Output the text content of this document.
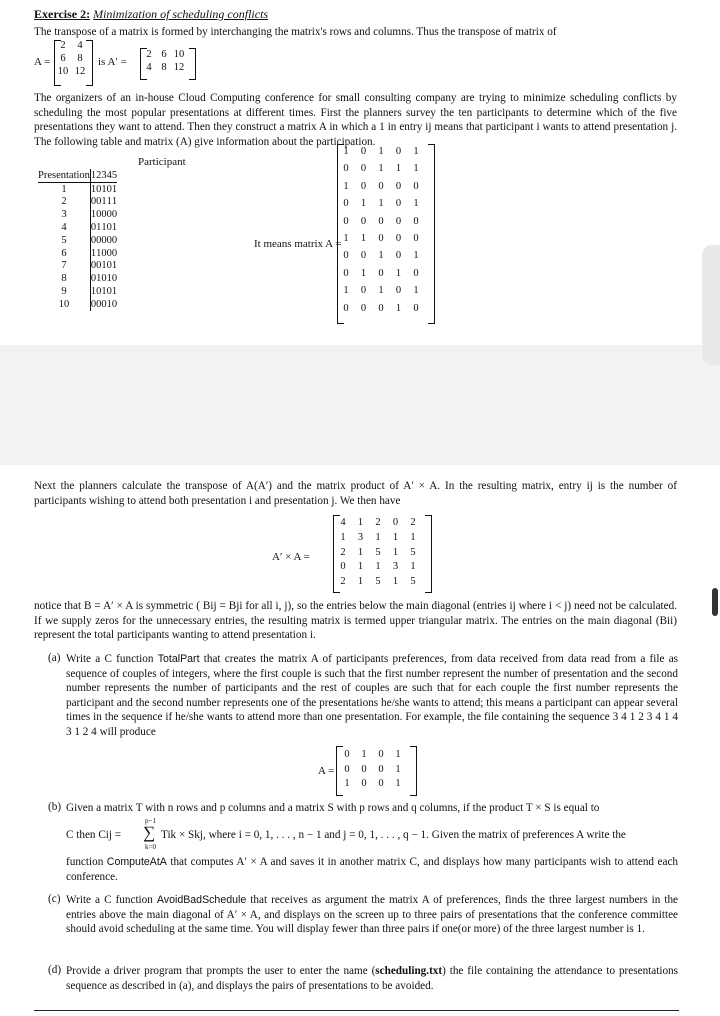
Exercise 2: Minimization of scheduling conflicts
The transpose of a matrix is formed by interchanging the matrix's rows and columns. Thus the transpose of matrix of
A =
2	4
6	8
10 12
is A′ =
2 6 10
4 8 12
The organizers of an in-house Cloud Computing conference for small consulting company are trying to minimize scheduling conflicts by scheduling the most popular presentations at different times. First the planners survey the ten participants to determine which of the five presentations they want to attend. Then they construct a matrix A in which a 1 in entry ij means that participant i wants to attend presentation j. The following table and matrix (A) give information about the participation.
Participant
Presentation	1	2	3	4	5
1	1	0	1	0	1
2	0	0	1	1	1
3	1	0	0	0	0
4	0	1	1	0	1
5	0	0	0	0	0
6	1	1	0	0	0
7	0	0	1	0	1
8	0	1	0	1	0
9	1	0	1	0	1
10	0	0	0	1	0
It means matrix A =
1	0	1	0	1
0	0	1	1	1
1	0	0	0	0
0	1	1	0	1
0	0	0	0	0
1	1	0	0	0
0	0	1	0	1
0	1	0	1	0
1	0	1	0	1
0	0	0	1	0
Next the planners calculate the transpose of A(A′) and the matrix product of A′ × A. In the resulting matrix, entry ij is the number of participants wishing to attend both presentation i and presentation j. We then have
A′ × A =
4	1	2	0	2
1	3	1	1	1
2	1	5	1	5
0	1	1	3	1
2	1	5	1	5
notice that B = A′ × A is symmetric ( Bij = Bji for all i, j), so the entries below the main diagonal (entries ij where i < j) need not be calculated. If we supply zeros for the unnecessary entries, the resulting matrix is termed upper triangular matrix. The entries on the main diagonal (Bii) represent the total participants wanting to attend presentation i.
(a) Write a C function TotalPart that creates the matrix A of participants preferences, from data received from data read from a file as sequence of couples of integers, where the first couple is such that the first number represent the number of presentation and the second number represents the number of participants and the rest of couples are such that for each couple the first number represents the participant and the second number represents one of the presentations he/she wants to attend; this means a participant can appear several times in the sequence if he/she wants to attend more than one presentation. For example, the file containing the sequence 3 4 1 2 3 4 1 4 3 1 2 4 will produce
A =
0	1	0	1
0	0	0	1
1	0	0	1
(b) Given a matrix T with n rows and p columns and a matrix S with p rows and q columns, if the product T × S is equal to
C then Cij =
p−1
∑
k=0
Tik × Skj, where i = 0, 1, . . . , n − 1 and j = 0, 1, . . . , q − 1. Given the matrix of preferences A write the
function ComputeAtA that computes A′ × A and saves it in another matrix C, and displays how many participants wish to attend each conference.
(c) Write a C function AvoidBadSchedule that receives as argument the matrix A of preferences, finds the three largest numbers in the entries above the main diagonal of A′ × A, and displays on the screen up to three pairs of presentations that the conference committee should avoid scheduling at the same time. You will display fewer than three pairs if one(or more) of the three largest number is 1.
(d) Provide a driver program that prompts the user to enter the name (scheduling.txt) the file containing the attendance to presentations sequence as described in (a), and displays the pairs of presentations to be avoided.
